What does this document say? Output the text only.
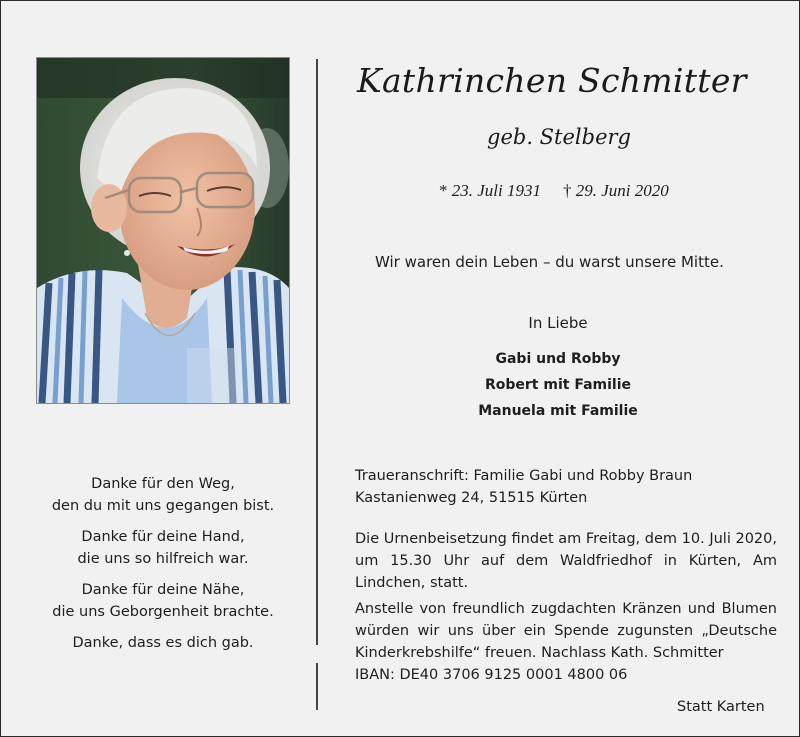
Kathrinchen Schmitter
geb. Stelberg
* 23. Juli 1931 † 29. Juni 2020
Wir waren dein Leben – du warst unsere Mitte.
In Liebe
Gabi und Robby
Robert mit Familie
Manuela mit Familie

Danke für den Weg,
den du mit uns gegangen bist.

Danke für deine Hand,
die uns so hilfreich war.

Danke für deine Nähe,
die uns Geborgenheit brachte.

Danke, dass es dich gab.

Traueranschrift: Familie Gabi und Robby Braun
Kastanienweg 24, 51515 Kürten
Die Urnenbeisetzung findet am Freitag, dem 10. Juli 2020,
um 15.30 Uhr auf dem Waldfriedhof in Kürten, Am
Lindchen, statt.
Anstelle von freundlich zugdachten Kränzen und Blumen
würden wir uns über ein Spende zugunsten „Deutsche
Kinderkrebshilfe“ freuen. Nachlass Kath. Schmitter
IBAN: DE40 3706 9125 0001 4800 06
Statt Karten
